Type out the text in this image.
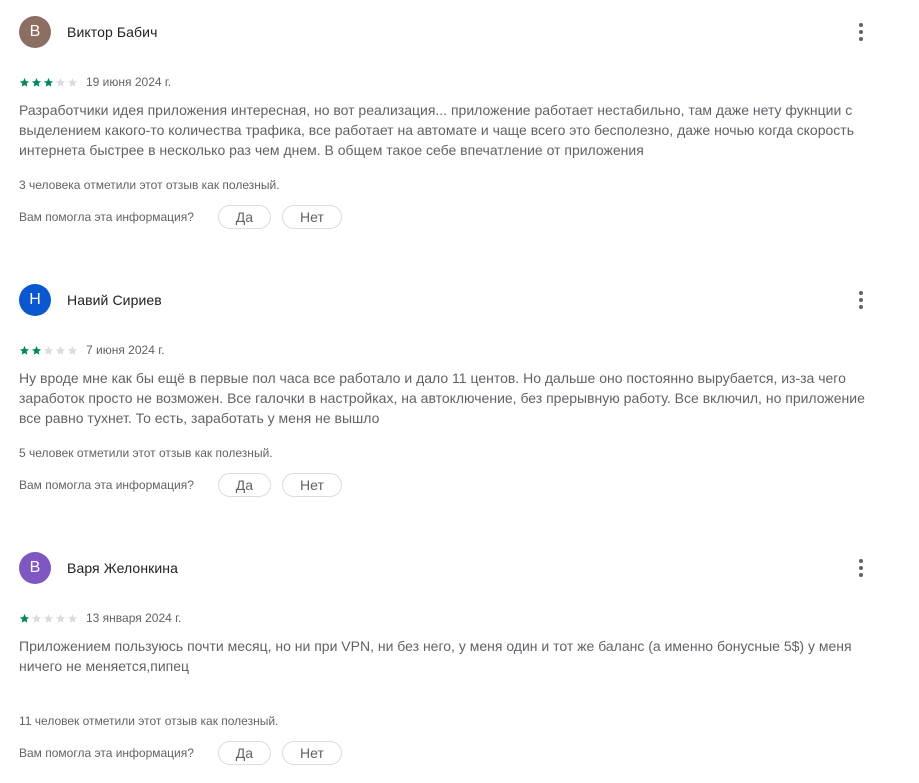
В	Виктор Бабич
19 июня 2024 г.
Разработчики идея приложения интересная, но вот реализация... приложение работает нестабильно, там даже нету фукнции с выделением какого-то количества трафика, все работает на автомате и чаще всего это бесполезно, даже ночью когда скорость интернета быстрее в несколько раз чем днем. В общем такое себе впечатление от приложения
3 человека отметили этот отзыв как полезный.
Вам помогла эта информация?	Да	Нет
Н	Навий Сириев
7 июня 2024 г.
Ну вроде мне как бы ещё в первые пол часа все работало и дало 11 центов. Но дальше оно постоянно вырубается, из-за чего заработок просто не возможен. Все галочки в настройках, на автоключение, без прерывную работу. Все включил, но приложение все равно тухнет. То есть, заработать у меня не вышло
5 человек отметили этот отзыв как полезный.
Вам помогла эта информация?	Да	Нет
В	Варя Желонкина
13 января 2024 г.
Приложением пользуюсь почти месяц, но ни при VPN, ни без него, у меня один и тот же баланс (а именно бонусные 5$) у меня ничего не меняется,пипец
11 человек отметили этот отзыв как полезный.
Вам помогла эта информация?	Да	Нет
